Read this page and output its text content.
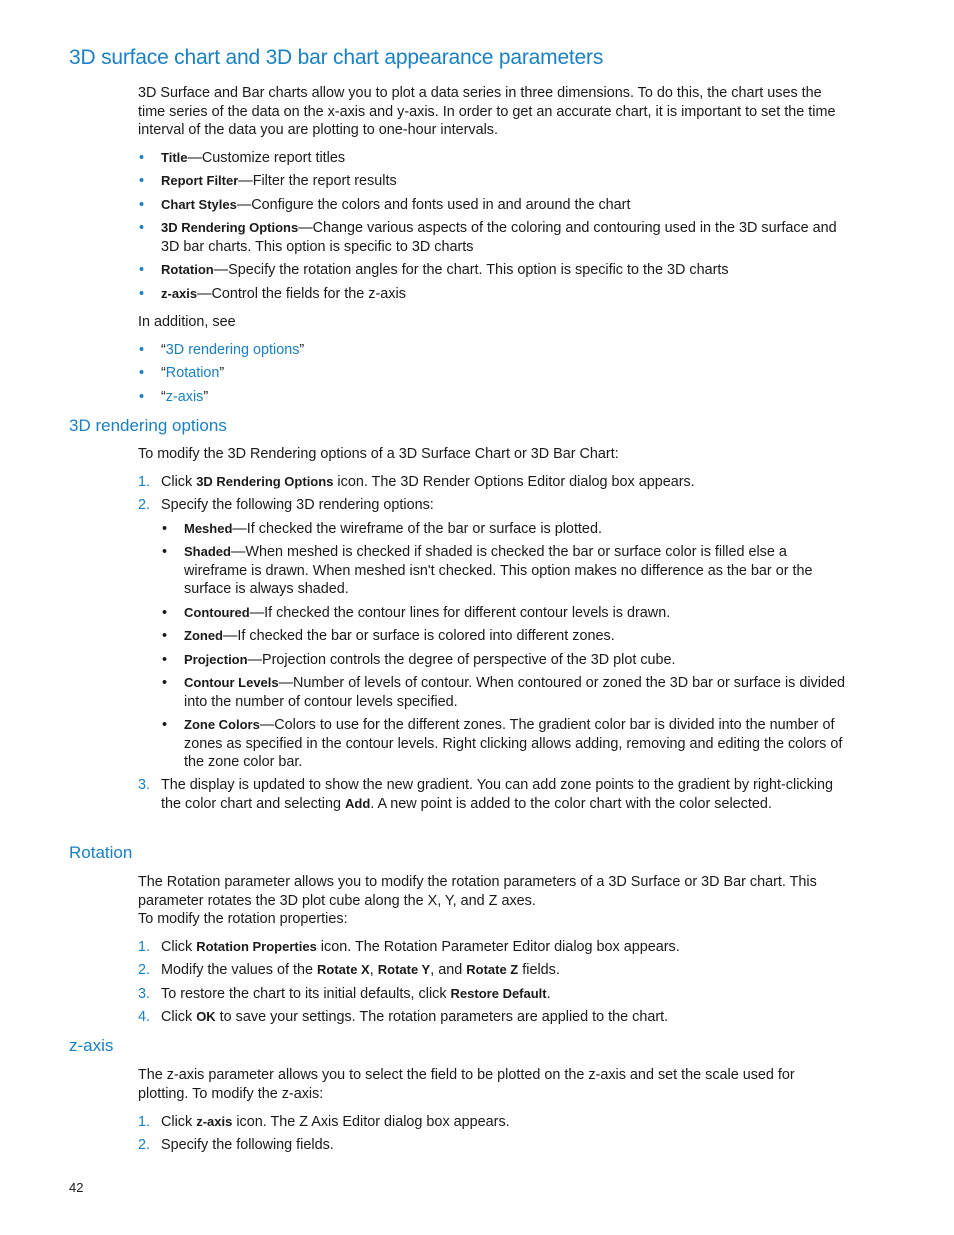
3D surface chart and 3D bar chart appearance parameters

3D Surface and Bar charts allow you to plot a data series in three dimensions. To do this, the chart uses the time series of the data on the x-axis and y-axis. In order to get an accurate chart, it is important to set the time interval of the data you are plotting to one-hour intervals.

• Title—Customize report titles
• Report Filter—Filter the report results
• Chart Styles—Configure the colors and fonts used in and around the chart
• 3D Rendering Options—Change various aspects of the coloring and contouring used in the 3D surface and 3D bar charts. This option is specific to 3D charts
• Rotation—Specify the rotation angles for the chart. This option is specific to the 3D charts
• z-axis—Control the fields for the z-axis

In addition, see

• “3D rendering options”
• “Rotation”
• “z-axis”
3D rendering options

To modify the 3D Rendering options of a 3D Surface Chart or 3D Bar Chart:

1. Click 3D Rendering Options icon. The 3D Render Options Editor dialog box appears.
2. Specify the following 3D rendering options:
• Meshed—If checked the wireframe of the bar or surface is plotted.
• Shaded—When meshed is checked if shaded is checked the bar or surface color is filled else a wireframe is drawn. When meshed isn't checked. This option makes no difference as the bar or the surface is always shaded.
• Contoured—If checked the contour lines for different contour levels is drawn.
• Zoned—If checked the bar or surface is colored into different zones.
• Projection—Projection controls the degree of perspective of the 3D plot cube.
• Contour Levels—Number of levels of contour. When contoured or zoned the 3D bar or surface is divided into the number of contour levels specified.
• Zone Colors—Colors to use for the different zones. The gradient color bar is divided into the number of zones as specified in the contour levels. Right clicking allows adding, removing and editing the colors of the zone color bar.
3. The display is updated to show the new gradient. You can add zone points to the gradient by right-clicking the color chart and selecting Add. A new point is added to the color chart with the color selected.
Rotation

The Rotation parameter allows you to modify the rotation parameters of a 3D Surface or 3D Bar chart. This parameter rotates the 3D plot cube along the X, Y, and Z axes.

To modify the rotation properties:

1. Click Rotation Properties icon. The Rotation Parameter Editor dialog box appears.
2. Modify the values of the Rotate X, Rotate Y, and Rotate Z fields.
3. To restore the chart to its initial defaults, click Restore Default.
4. Click OK to save your settings. The rotation parameters are applied to the chart.
z-axis

The z-axis parameter allows you to select the field to be plotted on the z-axis and set the scale used for plotting. To modify the z-axis:

1. Click z-axis icon. The Z Axis Editor dialog box appears.
2. Specify the following fields.
42
